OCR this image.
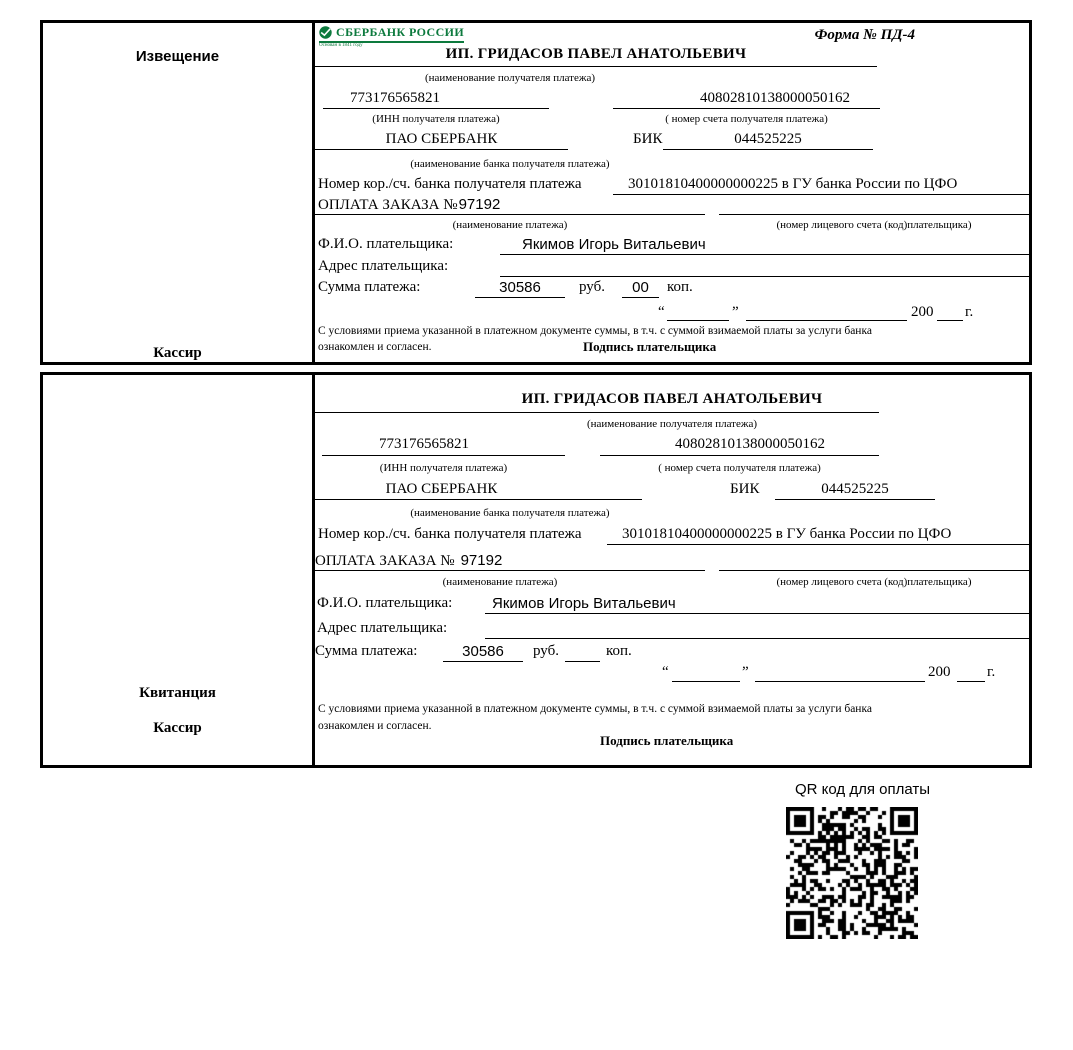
Извещение
Кассир
СБЕРБАНК РОССИИ
Основан в 1841 году
Форма № ПД-4
ИП. ГРИДАСОВ ПАВЕЛ АНАТОЛЬЕВИЧ
(наименование получателя платежа)
773176565821	40802810138000050162
(ИНН получателя платежа)	( номер счета получателя платежа)
ПАО СБЕРБАНК	БИК	044525225
(наименование банка получателя платежа)
Номер кор./сч. банка получателя платежа	30101810400000000225 в ГУ банка России по ЦФО
ОПЛАТА ЗАКАЗА №97192
(наименование платежа)	(номер лицевого счета (код)плательщика)
Ф.И.О. плательщика:	Якимов Игорь Витальевич
Адрес плательщика:
Сумма платежа:	30586	руб.	00	коп.
“	”	200 г.
С условиями приема указанной в платежном документе суммы, в т.ч. с суммой взимаемой платы за услуги банка
ознакомлен и согласен.	Подпись плательщика
Квитанция
Кассир
ИП. ГРИДАСОВ ПАВЕЛ АНАТОЛЬЕВИЧ
(наименование получателя платежа)
773176565821	40802810138000050162
(ИНН получателя платежа)	( номер счета получателя платежа)
ПАО СБЕРБАНК	БИК	044525225
(наименование банка получателя платежа)
Номер кор./сч. банка получателя платежа	30101810400000000225 в ГУ банка России по ЦФО
ОПЛАТА ЗАКАЗА № 97192
(наименование платежа)	(номер лицевого счета (код)плательщика)
Ф.И.О. плательщика:	Якимов Игорь Витальевич
Адрес плательщика:
Сумма платежа:	30586	руб.	коп.
“	”	200 г.
С условиями приема указанной в платежном документе суммы, в т.ч. с суммой взимаемой платы за услуги банка
ознакомлен и согласен.
Подпись плательщика
QR код для оплаты
